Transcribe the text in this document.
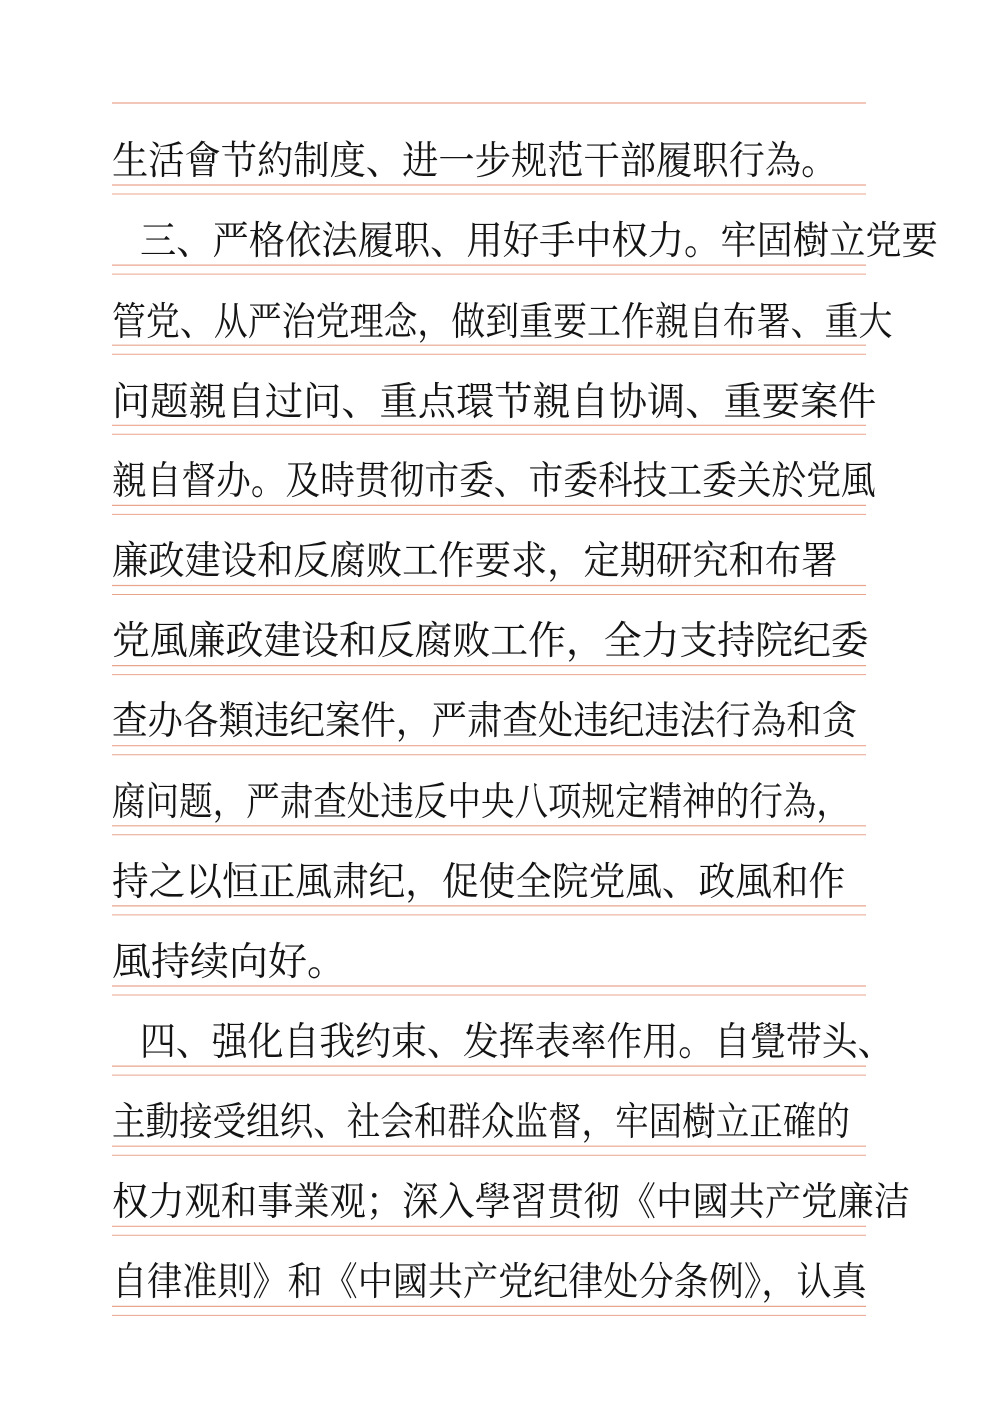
生活會节約制度、进一步规范干部履职行為。
三、严格依法履职、用好手中权力。牢固樹立党要
管党、从严治党理念，做到重要工作親自布署、重大
问题親自过问、重点環节親自协调、重要案件
親自督办。及時贯彻市委、市委科技工委关於党風
廉政建设和反腐败工作要求，定期研究和布署
党風廉政建设和反腐败工作，全力支持院纪委
查办各類违纪案件，严肃查处违纪违法行為和贪
腐问题，严肃查处违反中央八项规定精神的行為，
持之以恒正風肃纪，促使全院党風、政風和作
風持续向好。
四、强化自我约束、发挥表率作用。自覺带头、
主動接受组织、社会和群众监督，牢固樹立正確的
权力观和事業观；深入學習贯彻《中國共产党廉洁
自律准則》和《中國共产党纪律处分条例》，认真
